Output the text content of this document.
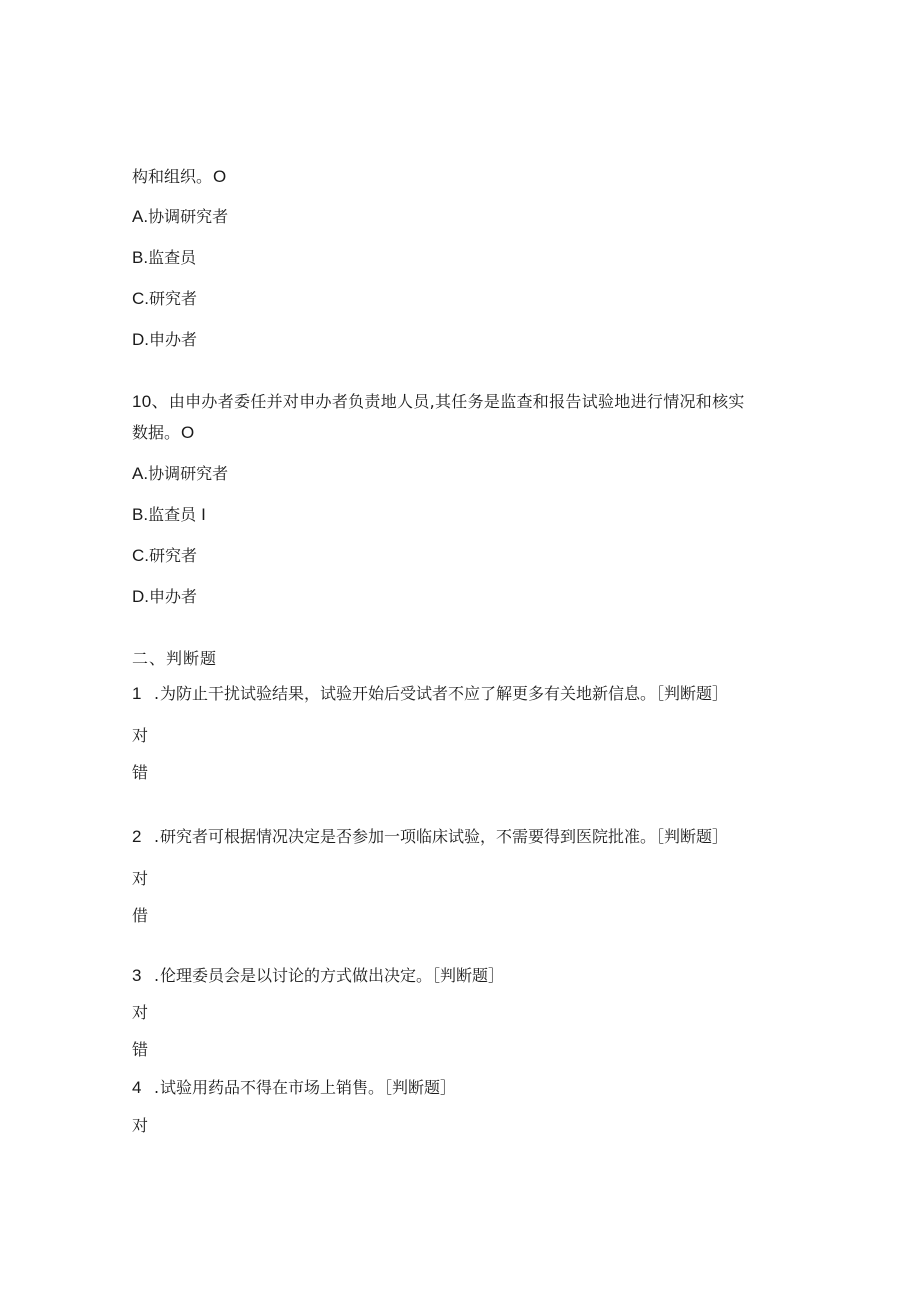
构和组织。O
A.协调研究者
B.监查员
C.研究者
D.申办者
10、由申办者委任并对申办者负责地人员,其任务是监查和报告试验地进行情况和核实
数据。O
A.协调研究者
B.监查员 I
C.研究者
D.申办者
二、判断题
1 .为防止干扰试验结果，试验开始后受试者不应了解更多有关地新信息。［判断题］
对
错
2 .研究者可根据情况决定是否参加一项临床试验，不需要得到医院批准。［判断题］
对
借
3 .伦理委员会是以讨论的方式做出决定。［判断题］
对
错
4 .试验用药品不得在市场上销售。［判断题］
对
